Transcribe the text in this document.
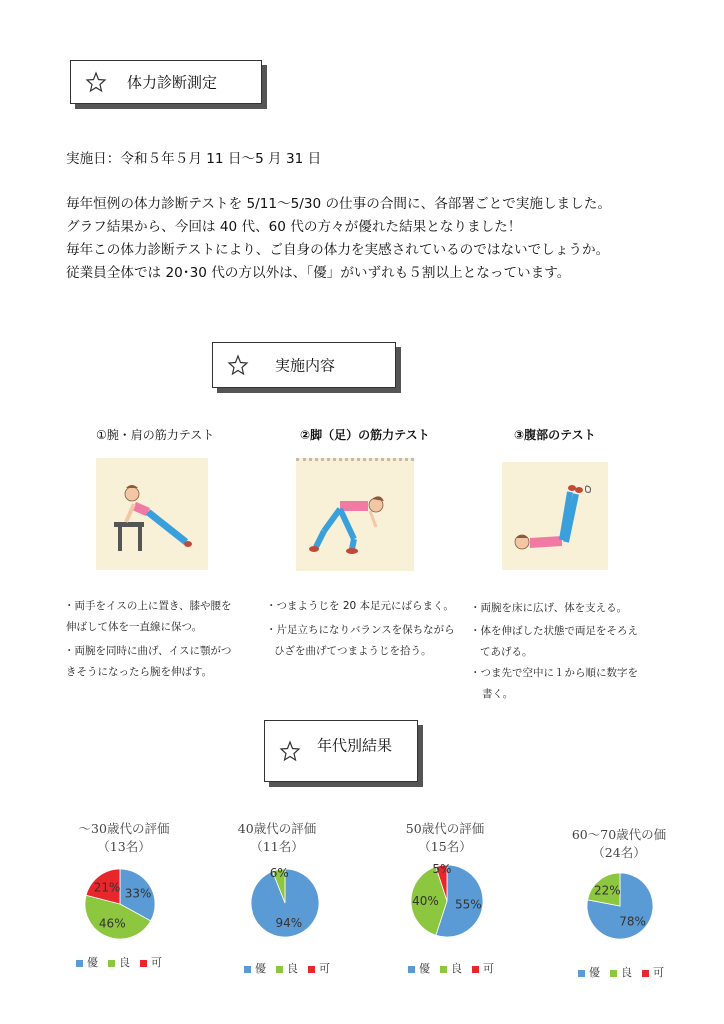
体力診断測定
実施日：令和５年５月 11 日～5 月 31 日
毎年恒例の体力診断テストを 5/11～5/30 の仕事の合間に、各部署ごとで実施しました。
グラフ結果から、今回は 40 代、60 代の方々が優れた結果となりました！
毎年この体力診断テストにより、ご自身の体力を実感されているのではないでしょうか。
従業員全体では 20･30 代の方以外は、「優」がいずれも５割以上となっています。
実施内容
①腕・肩の筋力テスト	②脚（足）の筋力テスト	③腹部のテスト
・両手をイスの上に置き、膝や腰を
伸ばして体を一直線に保つ。
・両腕を同時に曲げ、イスに顎がつ
きそうになったら腕を伸ばす。
・つまようじを 20 本足元にばらまく。
・片足立ちになりバランスを保ちながら
ひざを曲げてつまようじを拾う。
・両腕を床に広げ、体を支える。
・体を伸ばした状態で両足をそろえ
てあげる。
・つま先で空中に１から順に数字を
書く。
年代別結果
～30歳代の評価
（13名）
40歳代の評価
（11名）
50歳代の評価
（15名）
60～70歳代の価
（24名）
33%
46%
21%
94%
6%
55%
40%
5%
78%
22%
優 良 可	優 良 可	優 良 可	優 良 可
